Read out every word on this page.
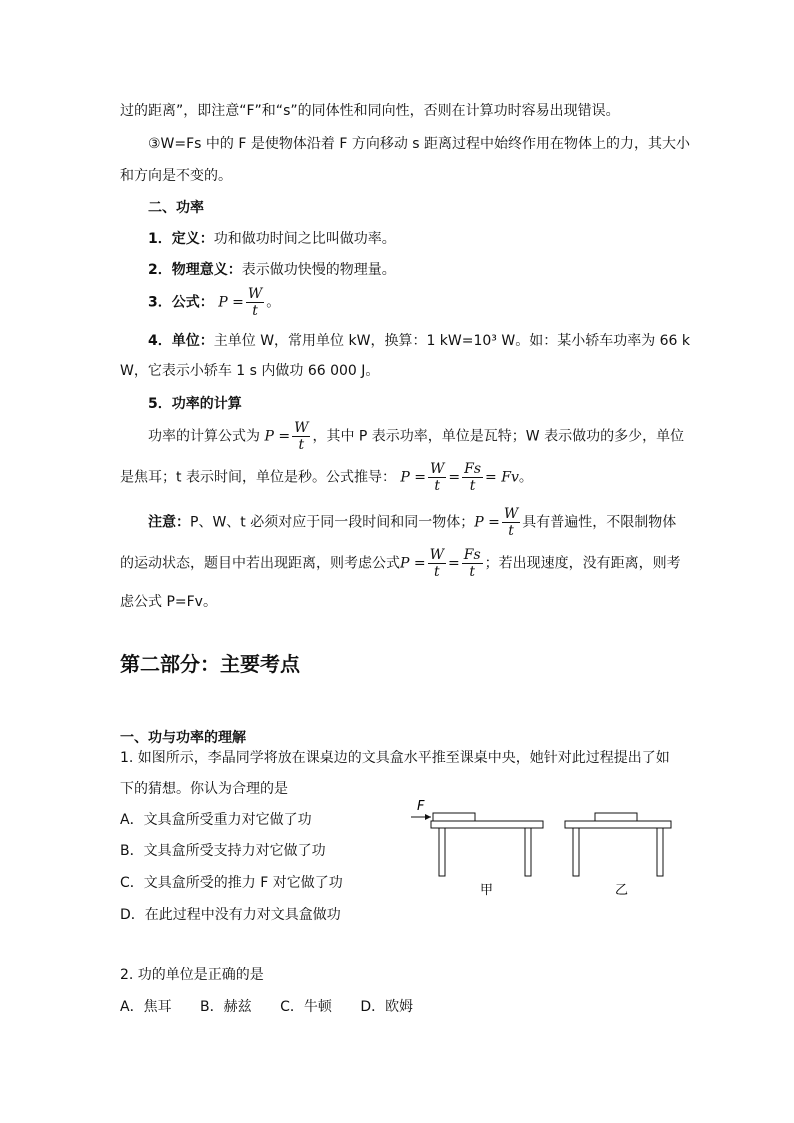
过的距离”，即注意“F”和“s”的同体性和同向性，否则在计算功时容易出现错误。
③W=Fs 中的 F 是使物体沿着 F 方向移动 s 距离过程中始终作用在物体上的力，其大小
和方向是不变的。
二、功率
1．定义：功和做功时间之比叫做功率。
2．物理意义：表示做功快慢的物理量。
3．公式： $P = \frac{W}{t}$ 。
4．单位：主单位 W，常用单位 kW，换算：1 kW=10³ W。如：某小轿车功率为 66 k
W，它表示小轿车 1 s 内做功 66 000 J。
5．功率的计算
功率的计算公式为 $P = \frac{W}{t}$ ，其中 P 表示功率，单位是瓦特；W 表示做功的多少，单位
是焦耳；t 表示时间，单位是秒。公式推导： $P = \frac{W}{t} = \frac{Fs}{t} = Fv$。
注意：P、W、t 必须对应于同一段时间和同一物体；$P = \frac{W}{t}$ 具有普遍性，不限制物体
的运动状态，题目中若出现距离，则考虑公式$P = \frac{W}{t} = \frac{Fs}{t}$ ；若出现速度，没有距离，则考
虑公式 P=Fv。
第二部分：主要考点
一、功与功率的理解
1. 如图所示，李晶同学将放在课桌边的文具盒水平推至课桌中央，她针对此过程提出了如
下的猜想。你认为合理的是
A．文具盒所受重力对它做了功
B．文具盒所受支持力对它做了功
C．文具盒所受的推力 F 对它做了功
D．在此过程中没有力对文具盒做功
F
甲	乙
2. 功的单位是正确的是
A．焦耳 B．赫兹 C．牛顿 D．欧姆
